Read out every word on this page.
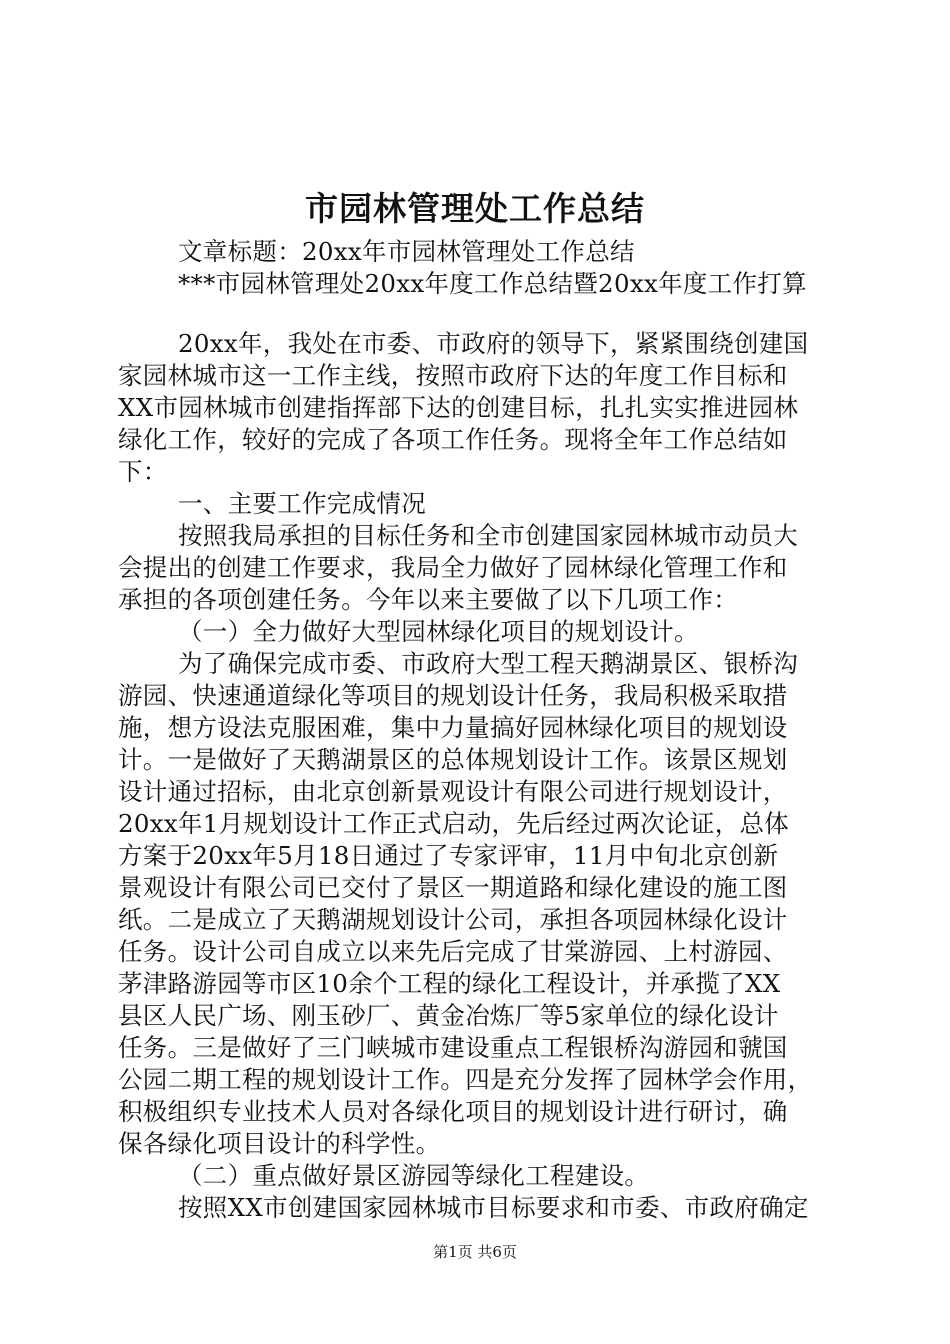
市园林管理处工作总结
文章标题：20xx年市园林管理处工作总结
***市园林管理处20xx年度工作总结暨20xx年度工作打算
20xx年，我处在市委、市政府的领导下，紧紧围绕创建国
家园林城市这一工作主线，按照市政府下达的年度工作目标和
XX市园林城市创建指挥部下达的创建目标，扎扎实实推进园林
绿化工作，较好的完成了各项工作任务。现将全年工作总结如
下：
一、主要工作完成情况
按照我局承担的目标任务和全市创建国家园林城市动员大
会提出的创建工作要求，我局全力做好了园林绿化管理工作和
承担的各项创建任务。今年以来主要做了以下几项工作：
（一）全力做好大型园林绿化项目的规划设计。
为了确保完成市委、市政府大型工程天鹅湖景区、银桥沟
游园、快速通道绿化等项目的规划设计任务，我局积极采取措
施，想方设法克服困难，集中力量搞好园林绿化项目的规划设
计。一是做好了天鹅湖景区的总体规划设计工作。该景区规划
设计通过招标，由北京创新景观设计有限公司进行规划设计，
20xx年1月规划设计工作正式启动，先后经过两次论证，总体
方案于20xx年5月18日通过了专家评审，11月中旬北京创新
景观设计有限公司已交付了景区一期道路和绿化建设的施工图
纸。二是成立了天鹅湖规划设计公司，承担各项园林绿化设计
任务。设计公司自成立以来先后完成了甘棠游园、上村游园、
茅津路游园等市区10余个工程的绿化工程设计，并承揽了XX
县区人民广场、刚玉砂厂、黄金冶炼厂等5家单位的绿化设计
任务。三是做好了三门峡城市建设重点工程银桥沟游园和虢国
公园二期工程的规划设计工作。四是充分发挥了园林学会作用，
积极组织专业技术人员对各绿化项目的规划设计进行研讨，确
保各绿化项目设计的科学性。
（二）重点做好景区游园等绿化工程建设。
按照XX市创建国家园林城市目标要求和市委、市政府确定
第1页 共6页
